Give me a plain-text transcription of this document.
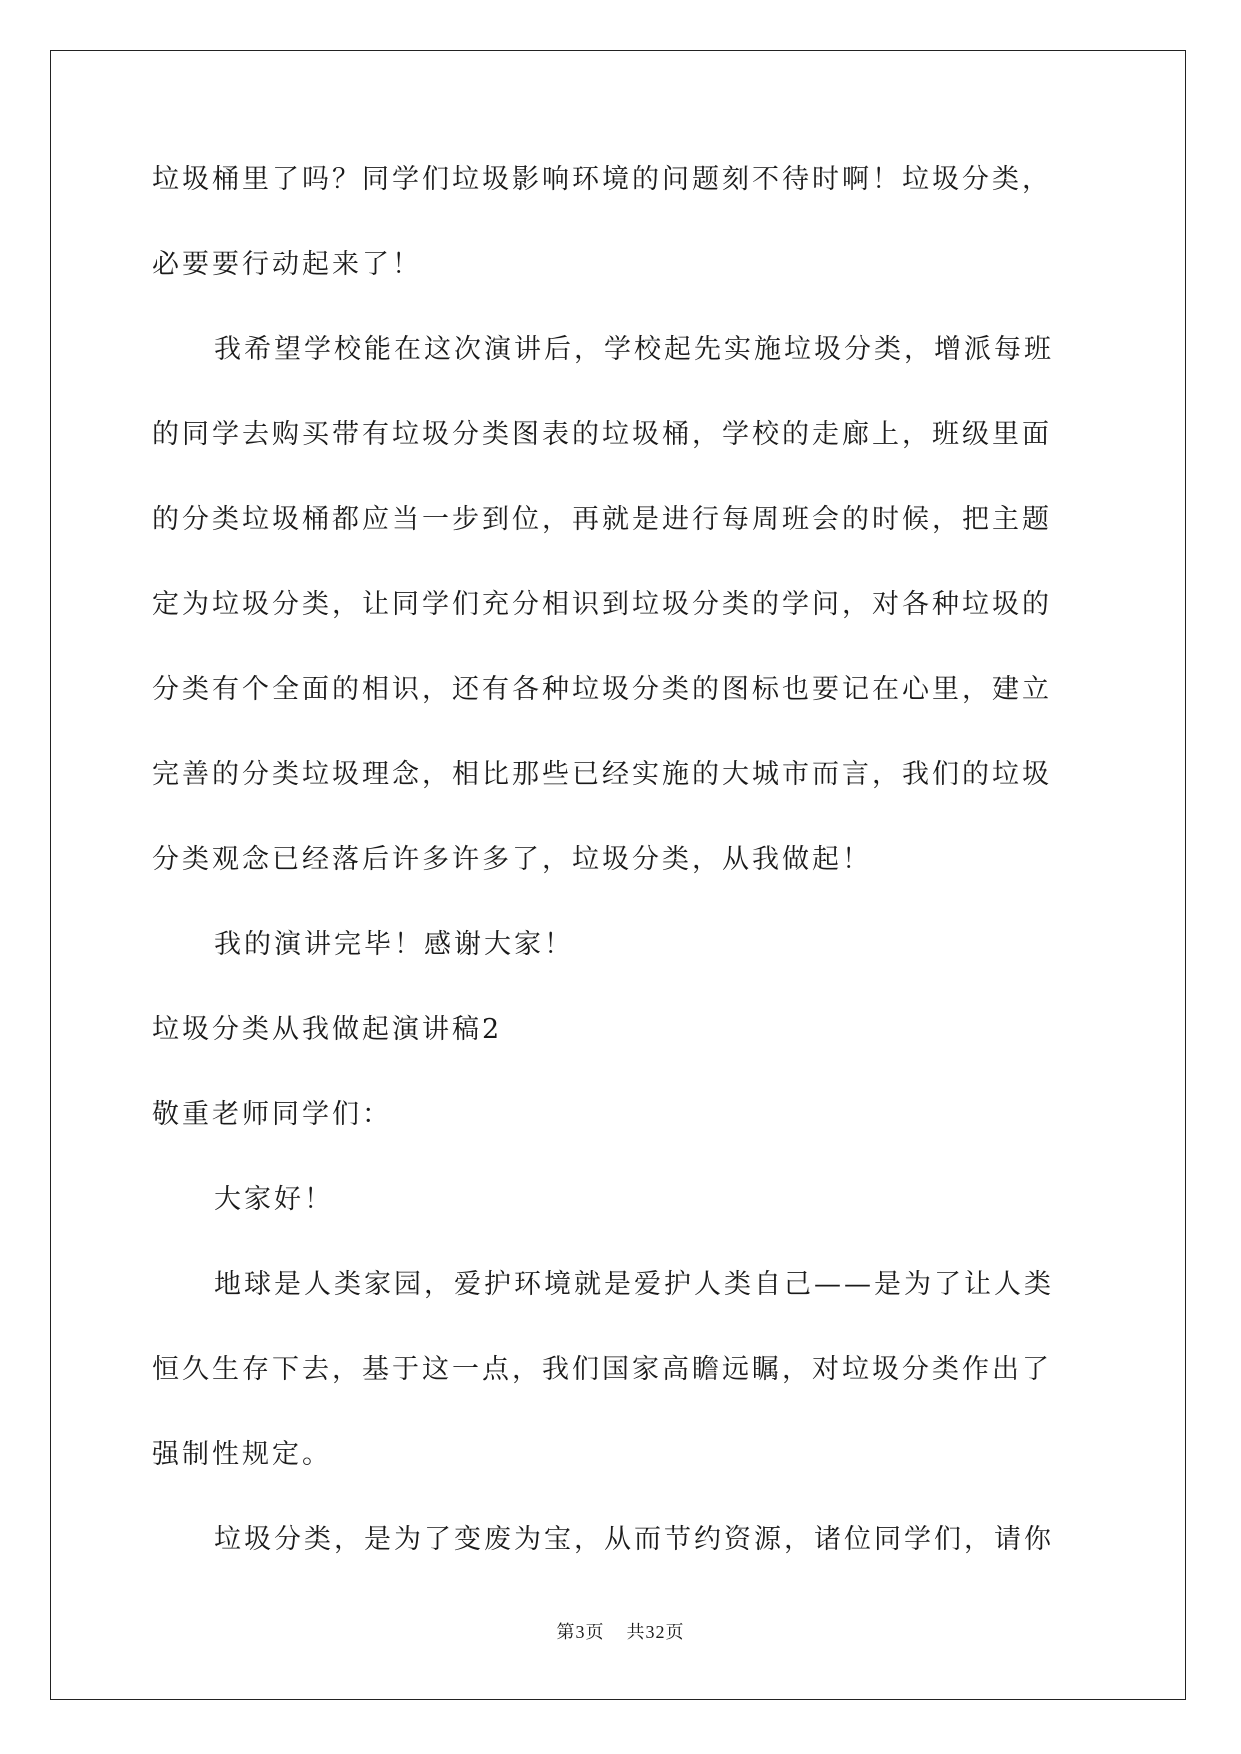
垃圾桶里了吗？同学们垃圾影响环境的问题刻不待时啊！垃圾分类，

必要要行动起来了！

我希望学校能在这次演讲后，学校起先实施垃圾分类，增派每班

的同学去购买带有垃圾分类图表的垃圾桶，学校的走廊上，班级里面

的分类垃圾桶都应当一步到位，再就是进行每周班会的时候，把主题

定为垃圾分类，让同学们充分相识到垃圾分类的学问，对各种垃圾的

分类有个全面的相识，还有各种垃圾分类的图标也要记在心里，建立

完善的分类垃圾理念，相比那些已经实施的大城市而言，我们的垃圾

分类观念已经落后许多许多了，垃圾分类，从我做起！

我的演讲完毕！感谢大家！

垃圾分类从我做起演讲稿2

敬重老师同学们：

大家好！

地球是人类家园，爱护环境就是爱护人类自己——是为了让人类

恒久生存下去，基于这一点，我们国家高瞻远瞩，对垃圾分类作出了

强制性规定。

垃圾分类，是为了变废为宝，从而节约资源，诸位同学们，请你

第3页 共32页
